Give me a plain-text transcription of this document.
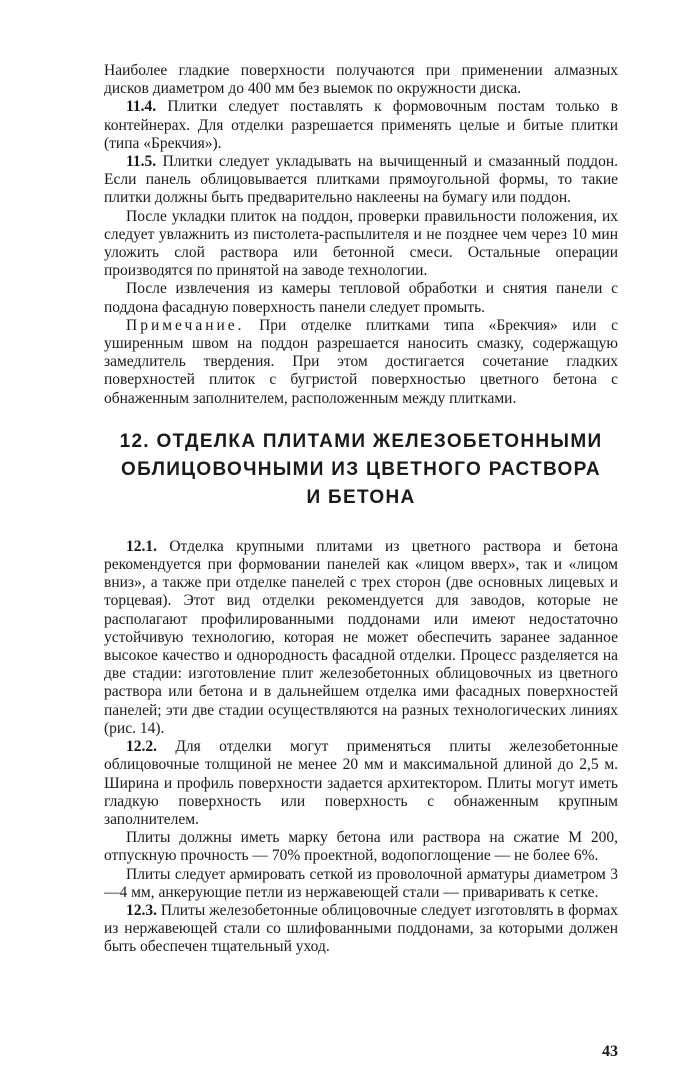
Наиболее гладкие поверхности получаются при применении алмазных дисков диаметром до 400 мм без выемок по окружности диска.

11.4. Плитки следует поставлять к формовочным постам только в контейнерах. Для отделки разрешается применять целые и битые плитки (типа «Брекчия»).

11.5. Плитки следует укладывать на вычищенный и смазанный поддон. Если панель облицовывается плитками прямоугольной формы, то такие плитки должны быть предварительно наклеены на бумагу или поддон.

После укладки плиток на поддон, проверки правильности положения, их следует увлажнить из пистолета-распылителя и не позднее чем через 10 мин уложить слой раствора или бетонной смеси. Остальные операции производятся по принятой на заводе технологии.

После извлечения из камеры тепловой обработки и снятия панели с поддона фасадную поверхность панели следует промыть.

Примечание. При отделке плитками типа «Брекчия» или с уширенным швом на поддон разрешается наносить смазку, содержащую замедлитель твердения. При этом достигается сочетание гладких поверхностей плиток с бугристой поверхностью цветного бетона с обнаженным заполнителем, расположенным между плитками.

12. ОТДЕЛКА ПЛИТАМИ ЖЕЛЕЗОБЕТОННЫМИ
ОБЛИЦОВОЧНЫМИ ИЗ ЦВЕТНОГО РАСТВОРА
И БЕТОНА

12.1. Отделка крупными плитами из цветного раствора и бетона рекомендуется при формовании панелей как «лицом вверх», так и «лицом вниз», а также при отделке панелей с трех сторон (две основных лицевых и торцевая). Этот вид отделки рекомендуется для заводов, которые не располагают профилированными поддонами или имеют недостаточно устойчивую технологию, которая не может обеспечить заранее заданное высокое качество и однородность фасадной отделки. Процесс разделяется на две стадии: изготовление плит железобетонных облицовочных из цветного раствора или бетона и в дальнейшем отделка ими фасадных поверхностей панелей; эти две стадии осуществляются на разных технологических линиях (рис. 14).

12.2. Для отделки могут применяться плиты железобетонные облицовочные толщиной не менее 20 мм и максимальной длиной до 2,5 м. Ширина и профиль поверхности задается архитектором. Плиты могут иметь гладкую поверхность или поверхность с обнаженным крупным заполнителем.

Плиты должны иметь марку бетона или раствора на сжатие М 200, отпускную прочность — 70% проектной, водопоглощение — не более 6%.

Плиты следует армировать сеткой из проволочной арматуры диаметром 3—4 мм, анкерующие петли из нержавеющей стали — приваривать к сетке.

12.3. Плиты железобетонные облицовочные следует изготовлять в формах из нержавеющей стали со шлифованными поддонами, за которыми должен быть обеспечен тщательный уход.

43
